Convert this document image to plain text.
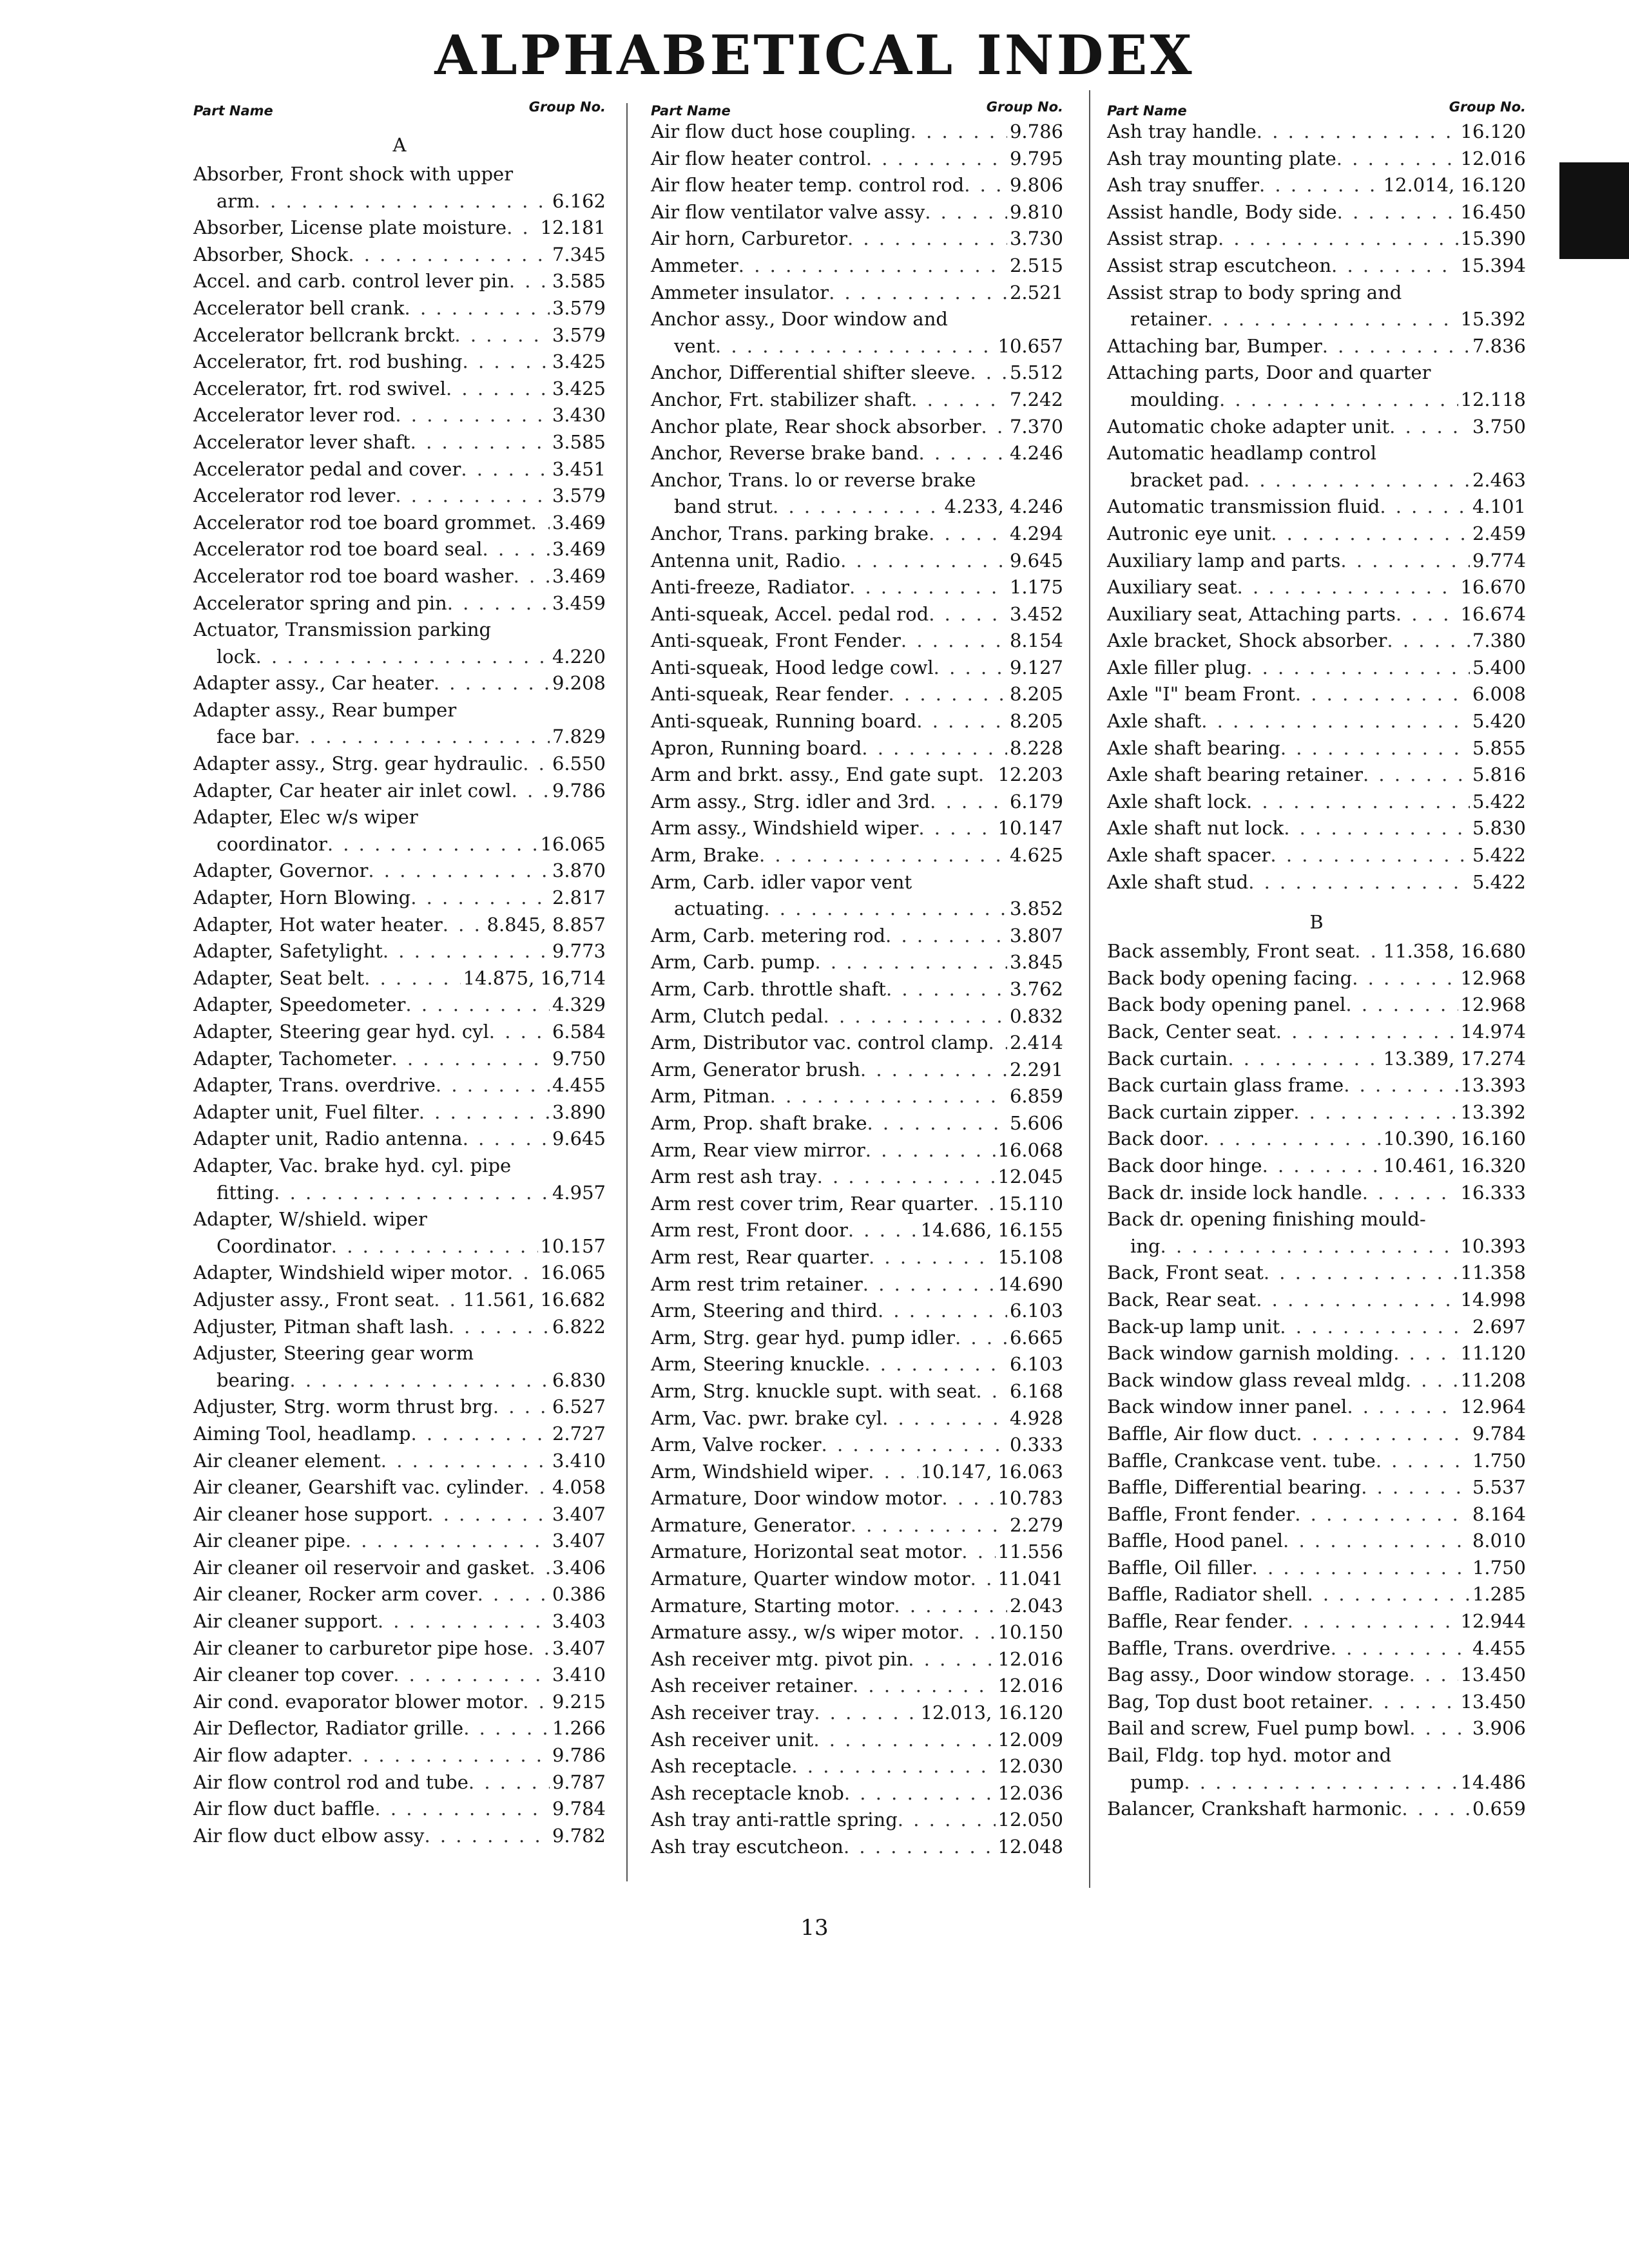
ALPHABETICAL INDEX
Part Name	Group No.
A
Absorber, Front shock with upper
arm . . .	6.162
Absorber, License plate moisture . . . 12.181
Absorber, Shock . . .	7.345
Accel. and carb. control lever pin . . . 3.585
Accelerator bell crank . . .	3.579
Accelerator bellcrank brckt . . .	3.579
Accelerator, frt. rod bushing . . .	3.425
Accelerator, frt. rod swivel . . .	3.425
Accelerator lever rod . . .	3.430
Accelerator lever shaft . . .	3.585
Accelerator pedal and cover . . .	3.451
Accelerator rod lever . . .	3.579
Accelerator rod toe board grommet . . . 3.469
Accelerator rod toe board seal . . .	3.469
Accelerator rod toe board washer . . . 3.469
Accelerator spring and pin . . .	3.459
Actuator, Transmission parking
lock . . .	4.220
Adapter assy., Car heater . . .	9.208
Adapter assy., Rear bumper
face bar . . .	7.829
Adapter assy., Strg. gear hydraulic . . . 6.550
Adapter, Car heater air inlet cowl . . . 9.786
Adapter, Elec w/s wiper
coordinator . . .	16.065
Adapter, Governor . . .	3.870
Adapter, Horn Blowing . . .	2.817
Adapter, Hot water heater . . . 8.845, 8.857
Adapter, Safetylight . . .	9.773
Adapter, Seat belt . . .	14.875, 16,714
Adapter, Speedometer . . .	4.329
Adapter, Steering gear hyd. cyl . . .	6.584
Adapter, Tachometer . . .	9.750
Adapter, Trans. overdrive . . .	4.455
Adapter unit, Fuel filter . . .	3.890
Adapter unit, Radio antenna . . .	9.645
Adapter, Vac. brake hyd. cyl. pipe
fitting . . .	4.957
Adapter, W/shield. wiper
Coordinator . . .	10.157
Adapter, Windshield wiper motor . . . 16.065
Adjuster assy., Front seat . . . 11.561, 16.682
Adjuster, Pitman shaft lash . . .	6.822
Adjuster, Steering gear worm
bearing . . .	6.830
Adjuster, Strg. worm thrust brg . . .	6.527
Aiming Tool, headlamp . . .	2.727
Air cleaner element . . .	3.410
Air cleaner, Gearshift vac. cylinder . . . 4.058
Air cleaner hose support . . .	3.407
Air cleaner pipe . . .	3.407
Air cleaner oil reservoir and gasket . . . 3.406
Air cleaner, Rocker arm cover . . .	0.386
Air cleaner support . . .	3.403
Air cleaner to carburetor pipe hose . . . 3.407
Air cleaner top cover . . .	3.410
Air cond. evaporator blower motor . . . 9.215
Air Deflector, Radiator grille . . .	1.266
Air flow adapter . . .	9.786
Air flow control rod and tube . . .	9.787
Air flow duct baffle . . .	9.784
Air flow duct elbow assy . . .	9.782
Part Name	Group No.
Air flow duct hose coupling . . .	9.786
Air flow heater control . . .	9.795
Air flow heater temp. control rod . . . 9.806
Air flow ventilator valve assy . . .	9.810
Air horn, Carburetor . . .	3.730
Ammeter . . .	2.515
Ammeter insulator . . .	2.521
Anchor assy., Door window and
vent . . .	10.657
Anchor, Differential shifter sleeve . . . 5.512
Anchor, Frt. stabilizer shaft . . .	7.242
Anchor plate, Rear shock absorber . . . 7.370
Anchor, Reverse brake band . . .	4.246
Anchor, Trans. lo or reverse brake
band strut . . .	4.233, 4.246
Anchor, Trans. parking brake . . .	4.294
Antenna unit, Radio . . .	9.645
Anti-freeze, Radiator . . .	1.175
Anti-squeak, Accel. pedal rod . . .	3.452
Anti-squeak, Front Fender . . .	8.154
Anti-squeak, Hood ledge cowl . . .	9.127
Anti-squeak, Rear fender . . .	8.205
Anti-squeak, Running board . . .	8.205
Apron, Running board . . .	8.228
Arm and brkt. assy., End gate supt . . . 12.203
Arm assy., Strg. idler and 3rd . . .	6.179
Arm assy., Windshield wiper . . .	10.147
Arm, Brake . . .	4.625
Arm, Carb. idler vapor vent
actuating . . .	3.852
Arm, Carb. metering rod . . .	3.807
Arm, Carb. pump . . .	3.845
Arm, Carb. throttle shaft . . .	3.762
Arm, Clutch pedal . . .	0.832
Arm, Distributor vac. control clamp . . . 2.414
Arm, Generator brush . . .	2.291
Arm, Pitman . . .	6.859
Arm, Prop. shaft brake . . .	5.606
Arm, Rear view mirror . . .	16.068
Arm rest ash tray . . .	12.045
Arm rest cover trim, Rear quarter . . . 15.110
Arm rest, Front door . . .	14.686, 16.155
Arm rest, Rear quarter . . .	15.108
Arm rest trim retainer . . .	14.690
Arm, Steering and third . . .	6.103
Arm, Strg. gear hyd. pump idler . . .	6.665
Arm, Steering knuckle . . .	6.103
Arm, Strg. knuckle supt. with seat . . . 6.168
Arm, Vac. pwr. brake cyl . . .	4.928
Arm, Valve rocker . . .	0.333
Arm, Windshield wiper . . .	10.147, 16.063
Armature, Door window motor . . .	10.783
Armature, Generator . . .	2.279
Armature, Horizontal seat motor . . . 11.556
Armature, Quarter window motor . . . 11.041
Armature, Starting motor . . .	2.043
Armature assy., w/s wiper motor . . . 10.150
Ash receiver mtg. pivot pin . . .	12.016
Ash receiver retainer . . .	12.016
Ash receiver tray . . .	12.013, 16.120
Ash receiver unit . . .	12.009
Ash receptacle . . .	12.030
Ash receptacle knob . . .	12.036
Ash tray anti-rattle spring . . .	12.050
Ash tray escutcheon . . .	12.048
Part Name	Group No.
Ash tray handle . . .	16.120
Ash tray mounting plate . . .	12.016
Ash tray snuffer . . .	12.014, 16.120
Assist handle, Body side . . .	16.450
Assist strap . . .	15.390
Assist strap escutcheon . . .	15.394
Assist strap to body spring and
retainer . . .	15.392
Attaching bar, Bumper . . .	7.836
Attaching parts, Door and quarter
moulding . . .	12.118
Automatic choke adapter unit . . .	3.750
Automatic headlamp control
bracket pad . . .	2.463
Automatic transmission fluid . . .	4.101
Autronic eye unit . . .	2.459
Auxiliary lamp and parts . . .	9.774
Auxiliary seat . . .	16.670
Auxiliary seat, Attaching parts . . .	16.674
Axle bracket, Shock absorber . . .	7.380
Axle filler plug . . .	5.400
Axle "I" beam Front . . .	6.008
Axle shaft . . .	5.420
Axle shaft bearing . . .	5.855
Axle shaft bearing retainer . . .	5.816
Axle shaft lock . . .	5.422
Axle shaft nut lock . . .	5.830
Axle shaft spacer . . .	5.422
Axle shaft stud . . .	5.422
B
Back assembly, Front seat . . . 11.358, 16.680
Back body opening facing . . .	12.968
Back body opening panel . . .	12.968
Back, Center seat . . .	14.974
Back curtain . . .	13.389, 17.274
Back curtain glass frame . . .	13.393
Back curtain zipper . . .	13.392
Back door . . .	10.390, 16.160
Back door hinge . . .	10.461, 16.320
Back dr. inside lock handle . . .	16.333
Back dr. opening finishing mould-
ing . . .	10.393
Back, Front seat . . .	11.358
Back, Rear seat . . .	14.998
Back-up lamp unit . . .	2.697
Back window garnish molding . . .	11.120
Back window glass reveal mldg . . .	11.208
Back window inner panel . . .	12.964
Baffle, Air flow duct . . .	9.784
Baffle, Crankcase vent. tube . . .	1.750
Baffle, Differential bearing . . .	5.537
Baffle, Front fender . . .	8.164
Baffle, Hood panel . . .	8.010
Baffle, Oil filler . . .	1.750
Baffle, Radiator shell . . .	1.285
Baffle, Rear fender . . .	12.944
Baffle, Trans. overdrive . . .	4.455
Bag assy., Door window storage . . .	13.450
Bag, Top dust boot retainer . . .	13.450
Bail and screw, Fuel pump bowl . . .	3.906
Bail, Fldg. top hyd. motor and
pump . . .	14.486
Balancer, Crankshaft harmonic . . .	0.659
13
